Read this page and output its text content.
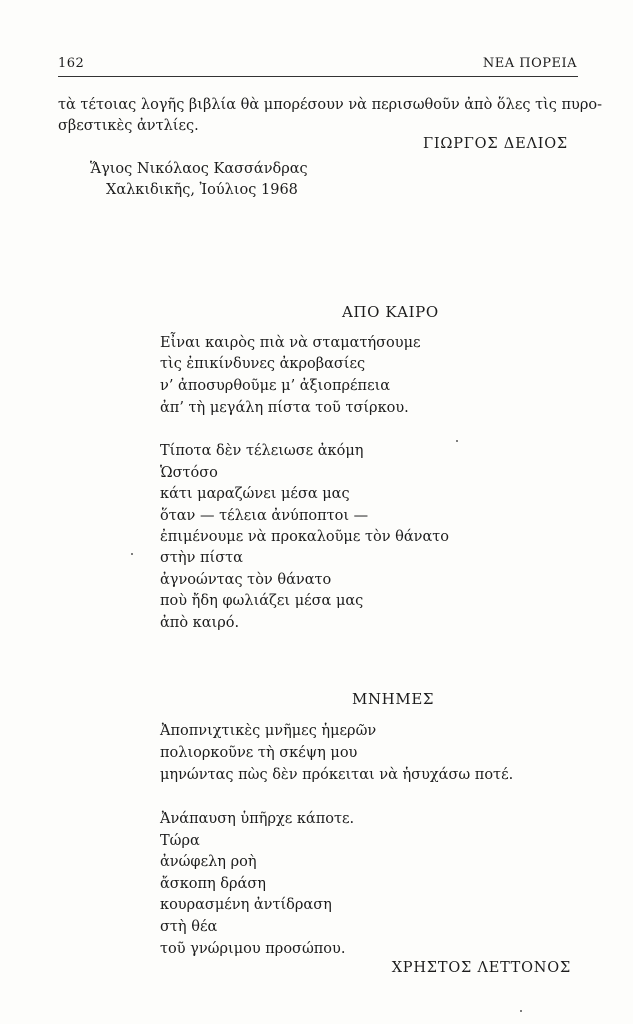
162	ΝΕΑ ΠΟΡΕΙΑ
τὰ τέτοιας λογῆς βιβλία θὰ μπορέσουν νὰ περισωθοῦν ἀπὸ ὅλες τὶς πυρο-
σβεστικὲς ἀντλίες.
ΓΙΩΡΓΟΣ ΔΕΛΙΟΣ
Ἅγιος Νικόλαος Κασσάνδρας
Χαλκιδικῆς, Ἰούλιος 1968
ΑΠΟ ΚΑΙΡΟ
Εἶναι καιρὸς πιὰ νὰ σταματήσουμε
τὶς ἐπικίνδυνες ἀκροβασίες
ν’ ἀποσυρθοῦμε μ’ ἀξιοπρέπεια
ἀπ’ τὴ μεγάλη πίστα τοῦ τσίρκου.
Τίποτα δὲν τέλειωσε ἀκόμη
Ὡστόσο
κάτι μαραζώνει μέσα μας
ὅταν — τέλεια ἀνύποπτοι —
ἐπιμένουμε νὰ προκαλοῦμε τὸν θάνατο
στὴν πίστα
ἀγνοώντας τὸν θάνατο
ποὺ ἤδη φωλιάζει μέσα μας
ἀπὸ καιρό.
ΜΝΗΜΕΣ
Ἀποπνιχτικὲς μνῆμες ἡμερῶν
πολιορκοῦνε τὴ σκέψη μου
μηνώντας πὼς δὲν πρόκειται νὰ ἡσυχάσω ποτέ.
Ἀνάπαυση ὑπῆρχε κάποτε.
Τώρα
ἀνώφελη ροὴ
ἄσκοπη δράση
κουρασμένη ἀντίδραση
στὴ θέα
τοῦ γνώριμου προσώπου.
ΧΡΗΣΤΟΣ ΛΕΤΤΟΝΟΣ
